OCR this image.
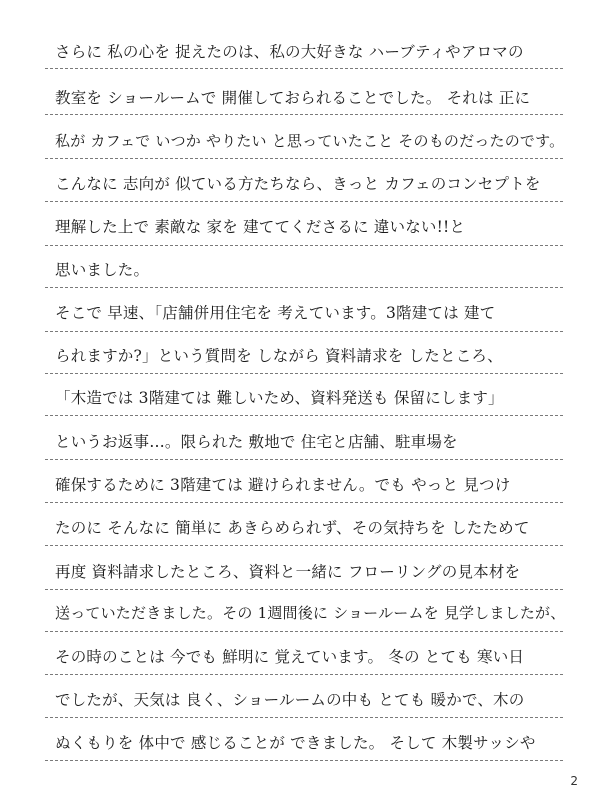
さらに 私の心を 捉えたのは、私の大好きな ハーブティやアロマの
教室を ショールームで 開催しておられることでした。 それは 正に
私が カフェで いつか やりたい と思っていたこと そのものだったのです。
こんなに 志向が 似ている方たちなら、きっと カフェのコンセプトを
理解した上で 素敵な 家を 建ててくださるに 違いない!!と
思いました。
そこで 早速、「店舗併用住宅を 考えています。3階建ては 建て
られますか?」という質問を しながら 資料請求を したところ、
「木造では 3階建ては 難しいため、資料発送も 保留にします」
というお返事…。限られた 敷地で 住宅と店舗、駐車場を
確保するために 3階建ては 避けられません。でも やっと 見つけ
たのに そんなに 簡単に あきらめられず、その気持ちを したためて
再度 資料請求したところ、資料と一緒に フローリングの見本材を
送っていただきました。その 1週間後に ショールームを 見学しましたが、
その時のことは 今でも 鮮明に 覚えています。 冬の とても 寒い日
でしたが、天気は 良く、ショールームの中も とても 暖かで、木の
ぬくもりを 体中で 感じることが できました。 そして 木製サッシや
2
